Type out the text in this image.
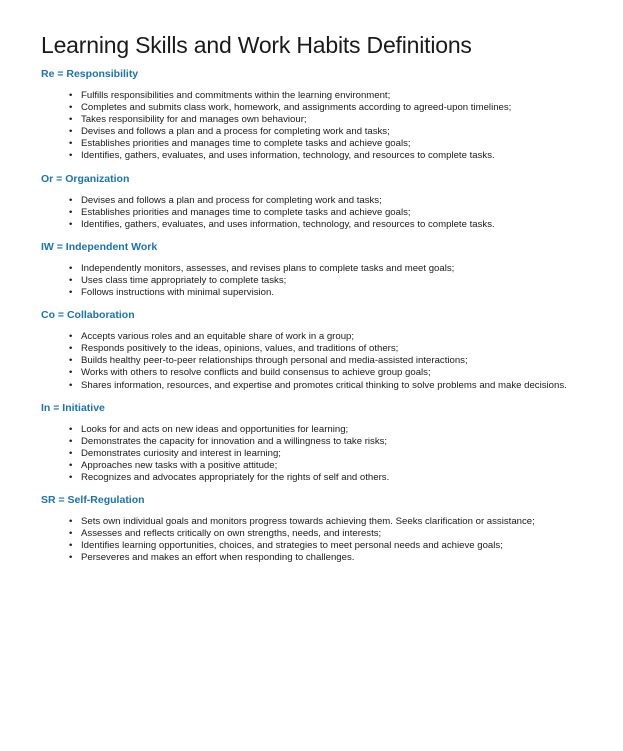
Learning Skills and Work Habits Definitions
Re = Responsibility
• Fulfills responsibilities and commitments within the learning environment;
• Completes and submits class work, homework, and assignments according to agreed-upon timelines;
• Takes responsibility for and manages own behaviour;
• Devises and follows a plan and a process for completing work and tasks;
• Establishes priorities and manages time to complete tasks and achieve goals;
• Identifies, gathers, evaluates, and uses information, technology, and resources to complete tasks.
Or = Organization
• Devises and follows a plan and process for completing work and tasks;
• Establishes priorities and manages time to complete tasks and achieve goals;
• Identifies, gathers, evaluates, and uses information, technology, and resources to complete tasks.
IW = Independent Work
• Independently monitors, assesses, and revises plans to complete tasks and meet goals;
• Uses class time appropriately to complete tasks;
• Follows instructions with minimal supervision.
Co = Collaboration
• Accepts various roles and an equitable share of work in a group;
• Responds positively to the ideas, opinions, values, and traditions of others;
• Builds healthy peer-to-peer relationships through personal and media-assisted interactions;
• Works with others to resolve conflicts and build consensus to achieve group goals;
• Shares information, resources, and expertise and promotes critical thinking to solve problems and make decisions.
In = Initiative
• Looks for and acts on new ideas and opportunities for learning;
• Demonstrates the capacity for innovation and a willingness to take risks;
• Demonstrates curiosity and interest in learning;
• Approaches new tasks with a positive attitude;
• Recognizes and advocates appropriately for the rights of self and others.
SR = Self-Regulation
• Sets own individual goals and monitors progress towards achieving them. Seeks clarification or assistance;
• Assesses and reflects critically on own strengths, needs, and interests;
• Identifies learning opportunities, choices, and strategies to meet personal needs and achieve goals;
• Perseveres and makes an effort when responding to challenges.
